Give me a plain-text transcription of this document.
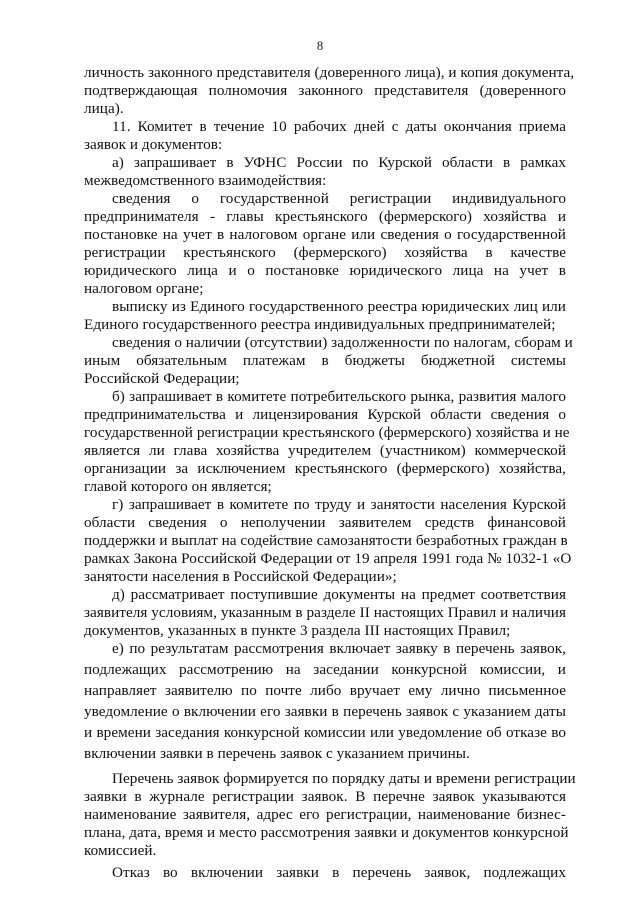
8
личность законного представителя (доверенного лица), и копия документа,
подтверждающая полномочия законного представителя (доверенного
лица).
11. Комитет в течение 10 рабочих дней с даты окончания приема
заявок и документов:
а) запрашивает в УФНС России по Курской области в рамках
межведомственного взаимодействия:
сведения о государственной регистрации индивидуального
предпринимателя - главы крестьянского (фермерского) хозяйства и
постановке на учет в налоговом органе или сведения о государственной
регистрации крестьянского (фермерского) хозяйства в качестве
юридического лица и о постановке юридического лица на учет в
налоговом органе;
выписку из Единого государственного реестра юридических лиц или
Единого государственного реестра индивидуальных предпринимателей;
сведения о наличии (отсутствии) задолженности по налогам, сборам и
иным обязательным платежам в бюджеты бюджетной системы
Российской Федерации;
б) запрашивает в комитете потребительского рынка, развития малого
предпринимательства и лицензирования Курской области сведения о
государственной регистрации крестьянского (фермерского) хозяйства и не
является ли глава хозяйства учредителем (участником) коммерческой
организации за исключением крестьянского (фермерского) хозяйства,
главой которого он является;
г) запрашивает в комитете по труду и занятости населения Курской
области сведения о неполучении заявителем средств финансовой
поддержки и выплат на содействие самозанятости безработных граждан в
рамках Закона Российской Федерации от 19 апреля 1991 года № 1032-1 «О
занятости населения в Российской Федерации»;
д) рассматривает поступившие документы на предмет соответствия
заявителя условиям, указанным в разделе II настоящих Правил и наличия
документов, указанных в пункте 3 раздела III настоящих Правил;
е) по результатам рассмотрения включает заявку в перечень заявок,
подлежащих рассмотрению на заседании конкурсной комиссии, и
направляет заявителю по почте либо вручает ему лично письменное
уведомление о включении его заявки в перечень заявок с указанием даты
и времени заседания конкурсной комиссии или уведомление об отказе во
включении заявки в перечень заявок с указанием причины.
Перечень заявок формируется по порядку даты и времени регистрации
заявки в журнале регистрации заявок. В перечне заявок указываются
наименование заявителя, адрес его регистрации, наименование бизнес-
плана, дата, время и место рассмотрения заявки и документов конкурсной
комиссией.
Отказ во включении заявки в перечень заявок, подлежащих
